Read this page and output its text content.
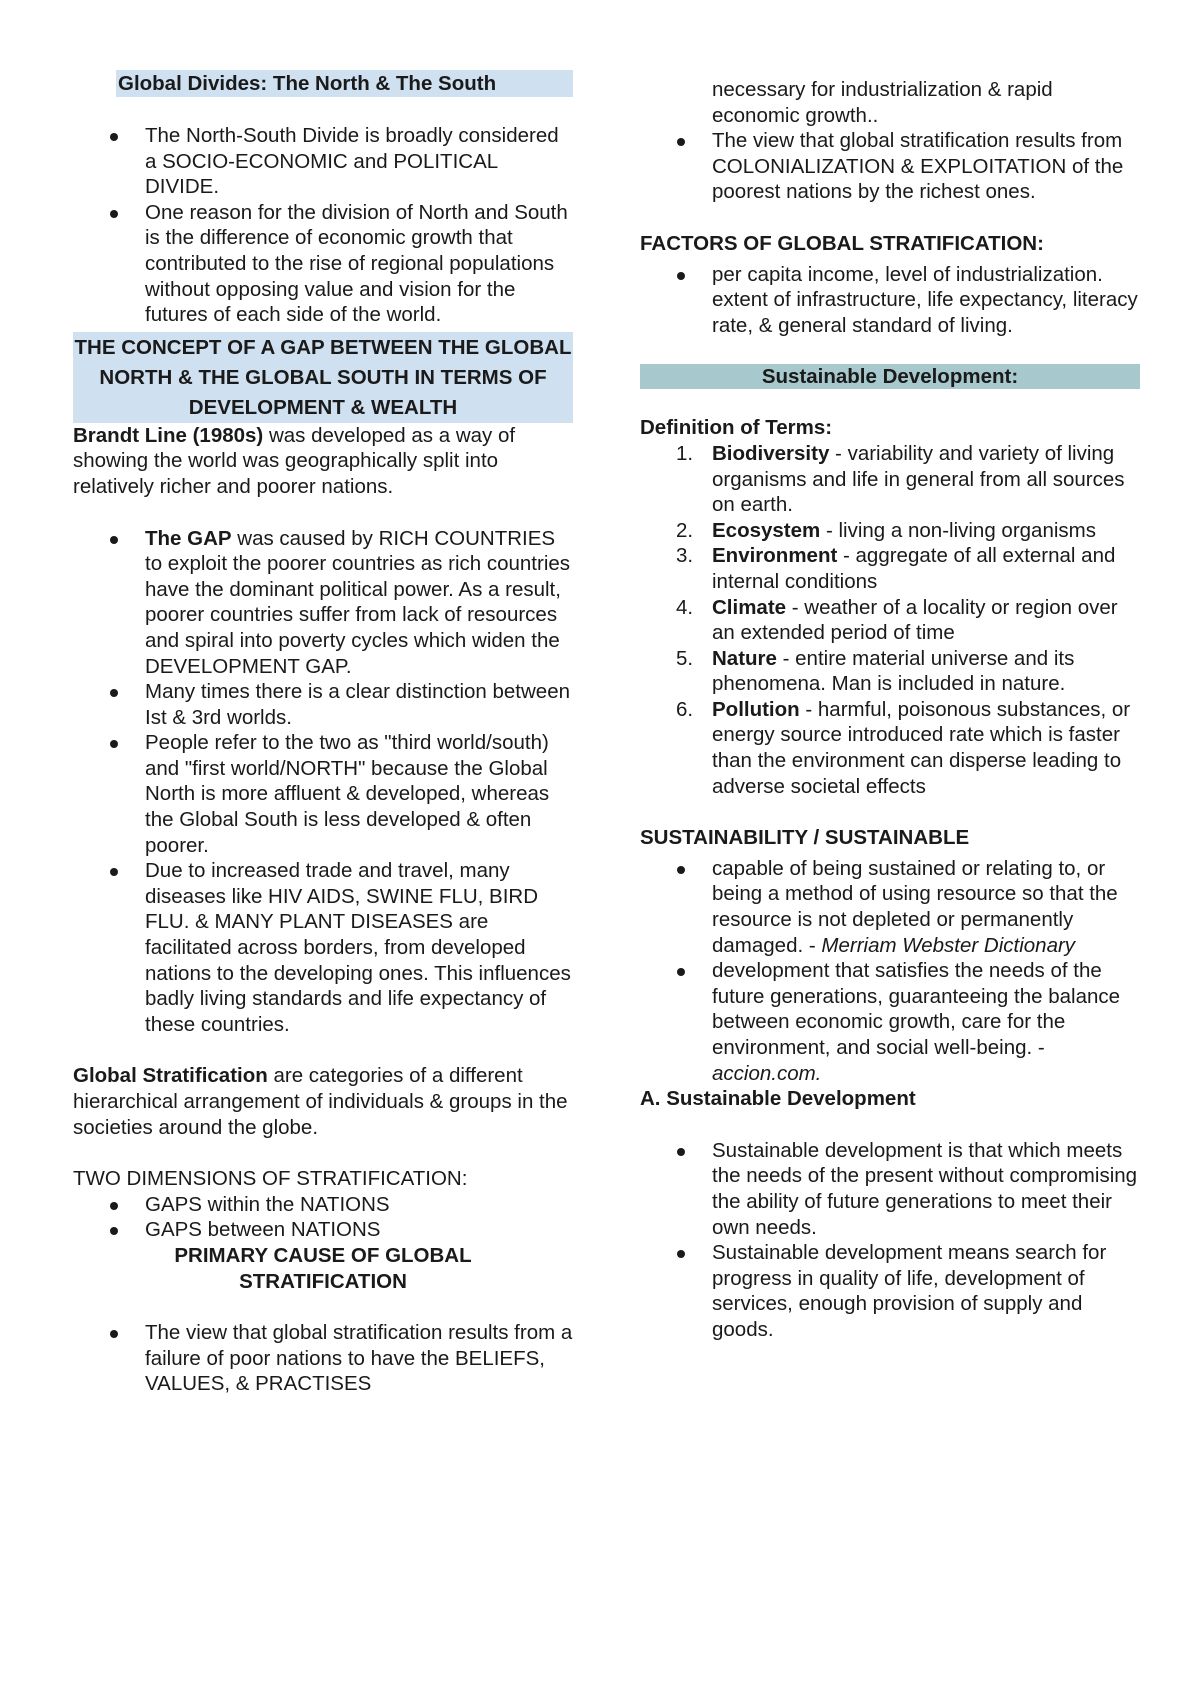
Global Divides: The North & The South
The North-South Divide is broadly considered a SOCIO-ECONOMIC and POLITICAL DIVIDE.
One reason for the division of North and South is the difference of economic growth that contributed to the rise of regional populations without opposing value and vision for the futures of each side of the world.
THE CONCEPT OF A GAP BETWEEN THE GLOBAL NORTH & THE GLOBAL SOUTH IN TERMS OF DEVELOPMENT & WEALTH

Brandt Line (1980s) was developed as a way of showing the world was geographically split into relatively richer and poorer nations.

The GAP was caused by RICH COUNTRIES to exploit the poorer countries as rich countries have the dominant political power. As a result, poorer countries suffer from lack of resources and spiral into poverty cycles which widen the DEVELOPMENT GAP.
Many times there is a clear distinction between Ist & 3rd worlds.
People refer to the two as "third world/south) and "first world/NORTH" because the Global North is more affluent & developed, whereas the Global South is less developed & often poorer.
Due to increased trade and travel, many diseases like HIV AIDS, SWINE FLU, BIRD FLU. & MANY PLANT DISEASES are facilitated across borders, from developed nations to the developing ones. This influences badly living standards and life expectancy of these countries.

Global Stratification are categories of a different hierarchical arrangement of individuals & groups in the societies around the globe.

TWO DIMENSIONS OF STRATIFICATION:

GAPS within the NATIONS
GAPS between NATIONS

PRIMARY CAUSE OF GLOBAL STRATIFICATION

The view that global stratification results from a failure of poor nations to have the BELIEFS, VALUES, & PRACTISES

necessary for industrialization & rapid economic growth..

The view that global stratification results from COLONIALIZATION & EXPLOITATION of the poorest nations by the richest ones.

FACTORS OF GLOBAL STRATIFICATION:

per capita income, level of industrialization. extent of infrastructure, life expectancy, literacy rate, & general standard of living.
Sustainable Development:

Definition of Terms:

1. Biodiversity - variability and variety of living organisms and life in general from all sources on earth.
2. Ecosystem - living a non-living organisms
3. Environment - aggregate of all external and internal conditions
4. Climate - weather of a locality or region over an extended period of time
5. Nature - entire material universe and its phenomena. Man is included in nature.
6. Pollution - harmful, poisonous substances, or energy source introduced rate which is faster than the environment can disperse leading to adverse societal effects

SUSTAINABILITY / SUSTAINABLE

capable of being sustained or relating to, or being a method of using resource so that the resource is not depleted or permanently damaged. - Merriam Webster Dictionary
development that satisfies the needs of the future generations, guaranteeing the balance between economic growth, care for the environment, and social well-being. - accion.com.

A. Sustainable Development

Sustainable development is that which meets the needs of the present without compromising the ability of future generations to meet their own needs.
Sustainable development means search for progress in quality of life, development of services, enough provision of supply and goods.
